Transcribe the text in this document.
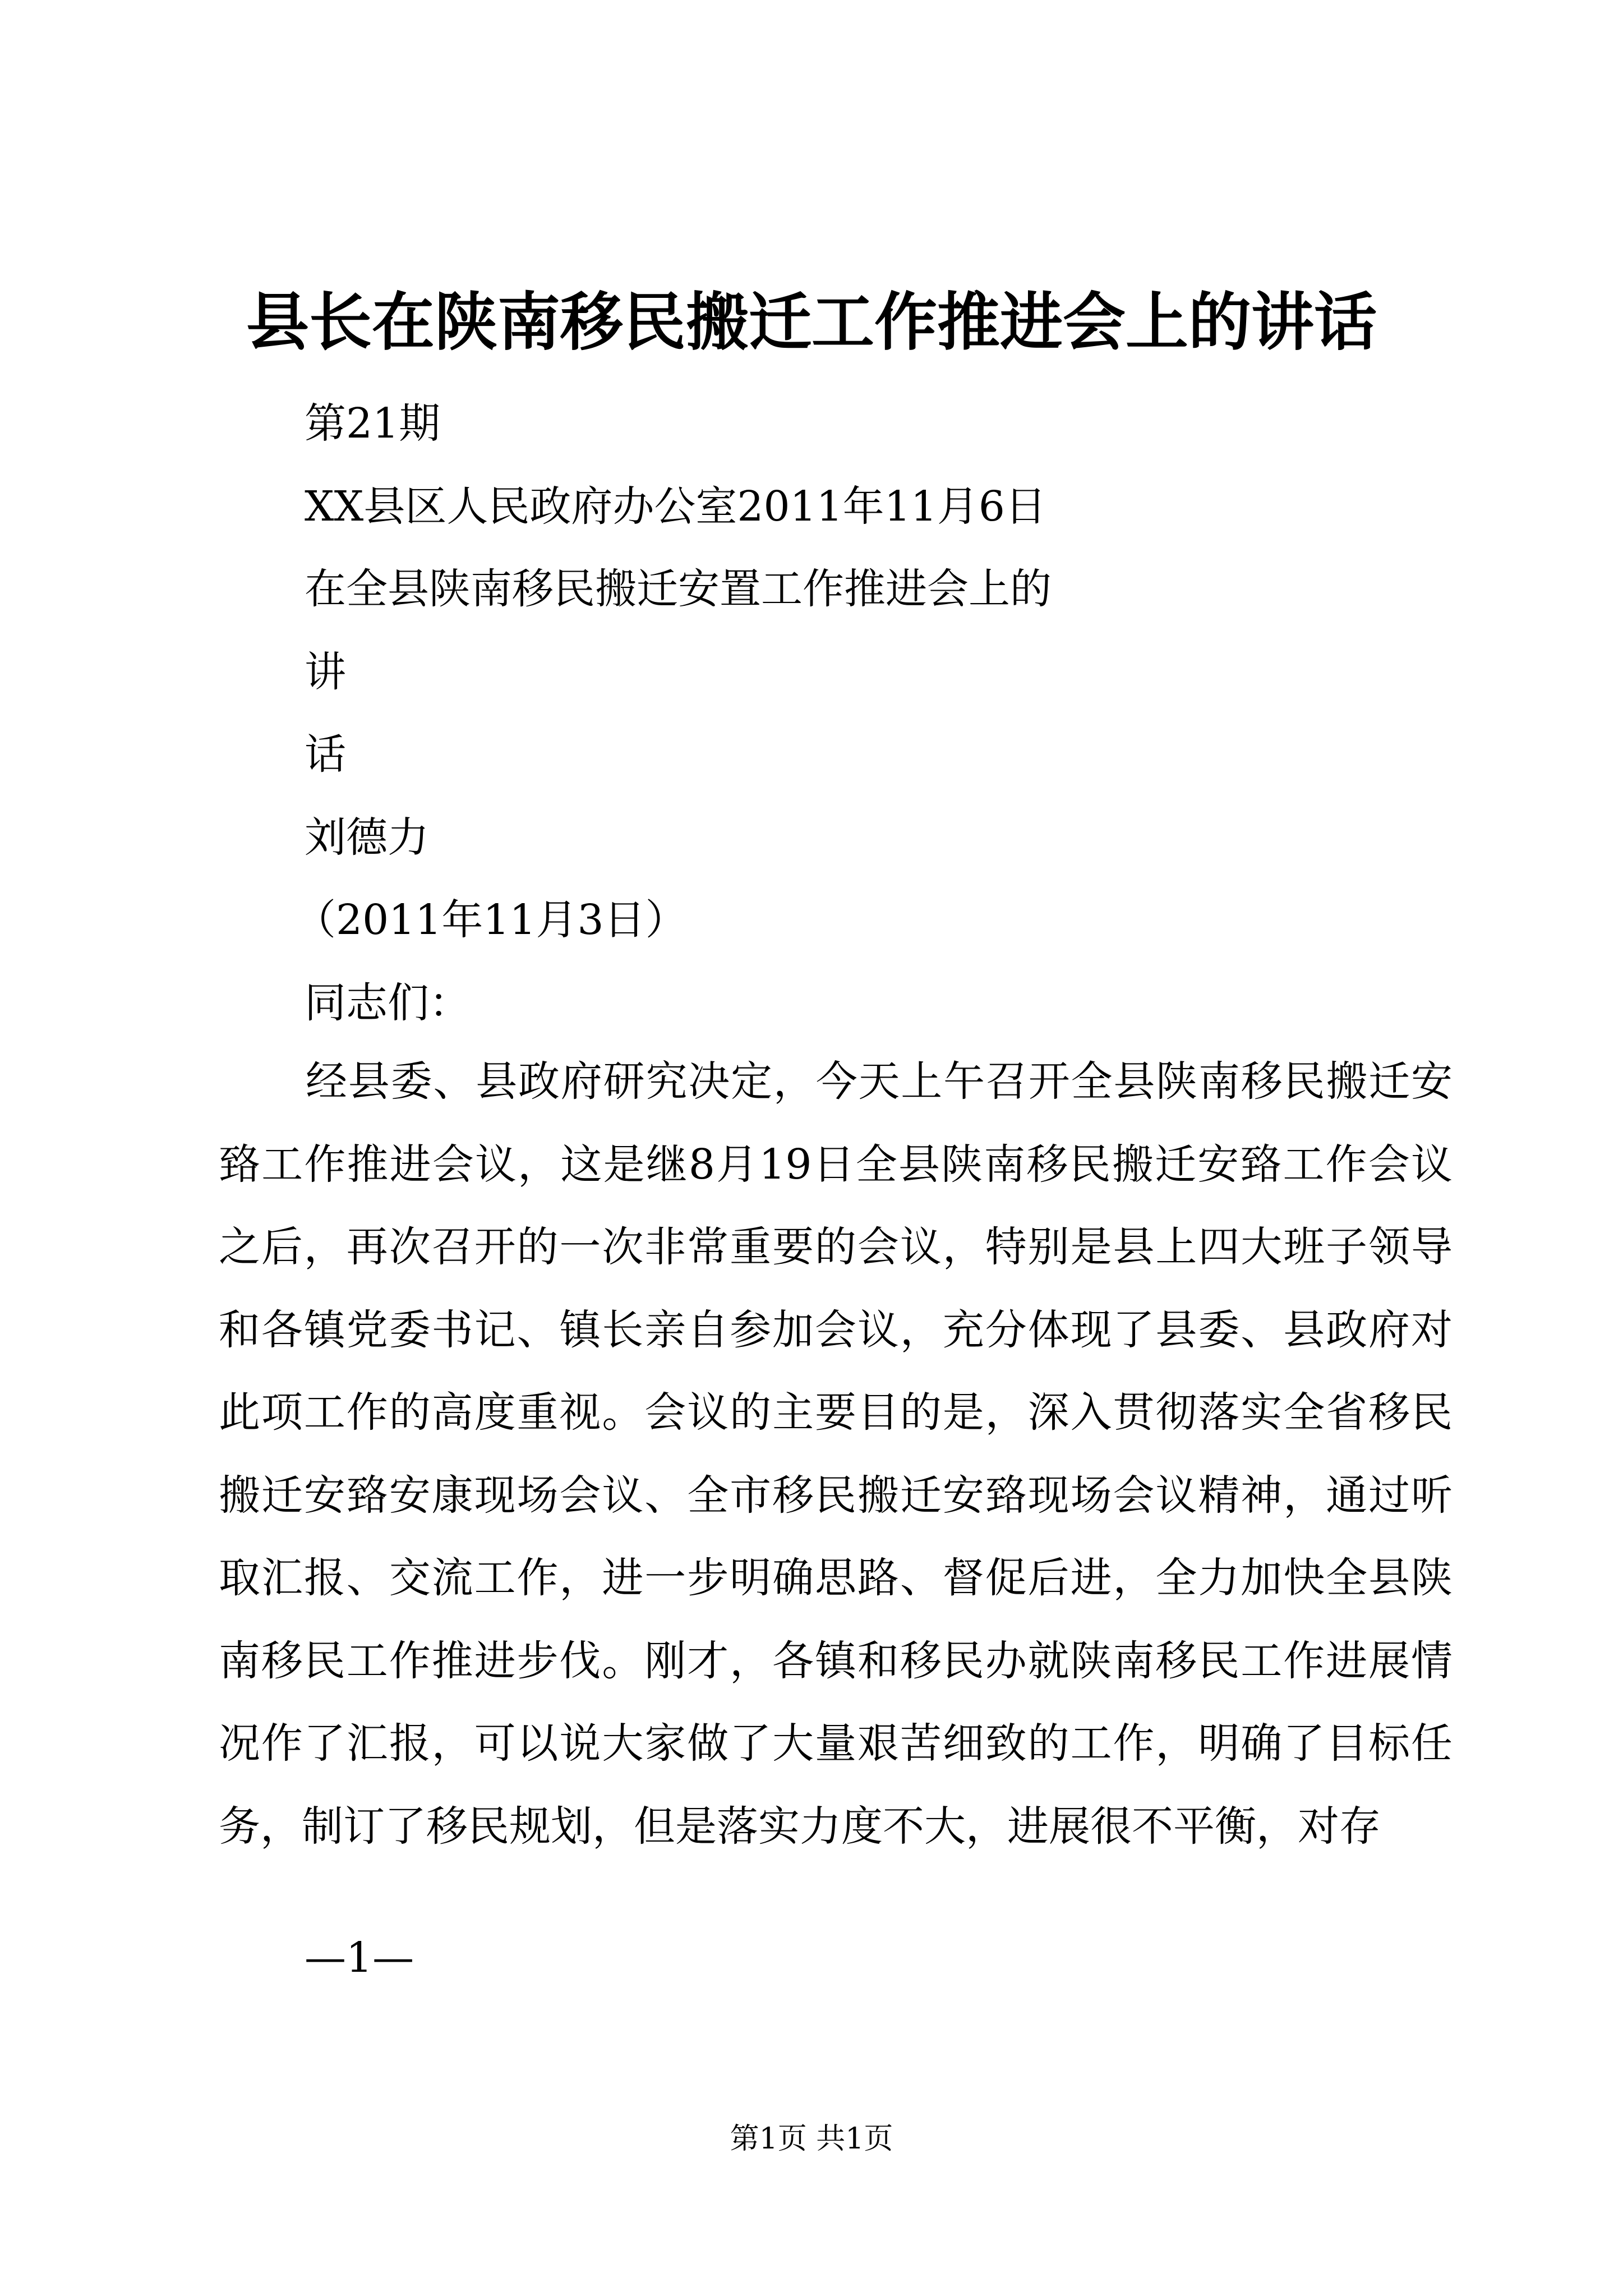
县长在陕南移民搬迁工作推进会上的讲话
第21期
XX县区人民政府办公室2011年11月6日
在全县陕南移民搬迁安置工作推进会上的
讲
话
刘德力
（2011年11月3日）
同志们：

经县委、县政府研究决定，今天上午召开全县陕南移民搬迁安臵工作推进会议，这是继8月19日全县陕南移民搬迁安臵工作会议之后，再次召开的一次非常重要的会议，特别是县上四大班子领导和各镇党委书记、镇长亲自参加会议，充分体现了县委、县政府对此项工作的高度重视。会议的主要目的是，深入贯彻落实全省移民搬迁安臵安康现场会议、全市移民搬迁安臵现场会议精神，通过听取汇报、交流工作，进一步明确思路、督促后进，全力加快全县陕南移民工作推进步伐。刚才，各镇和移民办就陕南移民工作进展情况作了汇报，可以说大家做了大量艰苦细致的工作，明确了目标任务，制订了移民规划，但是落实力度不大，进展很不平衡，对存

—1—
第1页 共1页
